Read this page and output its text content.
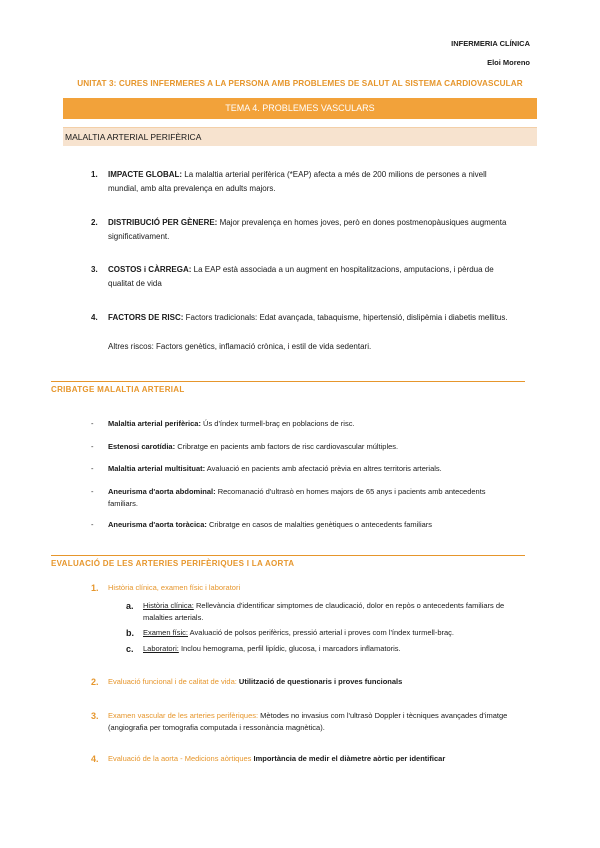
INFERMERIA CLÍNICA
Eloi Moreno
UNITAT 3: CURES INFERMERES A LA PERSONA AMB PROBLEMES DE SALUT AL SISTEMA CARDIOVASCULAR
TEMA 4. PROBLEMES VASCULARS
MALALTIA ARTERIAL PERIFÈRICA
1. IMPACTE GLOBAL: La malaltia arterial perifèrica (*EAP) afecta a més de 200 milions de persones a nivell mundial, amb alta prevalença en adults majors.
2. DISTRIBUCIÓ PER GÈNERE: Major prevalença en homes joves, però en dones postmenopàusiques augmenta significativament.
3. COSTOS i CÀRREGA: La EAP està associada a un augment en hospitalitzacions, amputacions, i pèrdua de qualitat de vida
4. FACTORS DE RISC: Factors tradicionals: Edat avançada, tabaquisme, hipertensió, dislipèmia i diabetis mellitus.
Altres riscos: Factors genètics, inflamació crònica, i estil de vida sedentari.
CRIBATGE MALALTIA ARTERIAL
- Malaltia arterial perifèrica: Ús d'índex turmell-braç en poblacions de risc.
- Estenosi carotídia: Cribratge en pacients amb factors de risc cardiovascular múltiples.
- Malaltia arterial multisituat: Avaluació en pacients amb afectació prèvia en altres territoris arterials.
- Aneurisma d'aorta abdominal: Recomanació d'ultrasò en homes majors de 65 anys i pacients amb antecedents familiars.
- Aneurisma d'aorta toràcica: Cribratge en casos de malalties genètiques o antecedents familiars
EVALUACIÓ DE LES ARTERIES PERIFÈRIQUES I LA AORTA
1. Història clínica, examen físic i laboratori
a. Història clínica: Rellevància d'identificar simptomes de claudicació, dolor en repòs o antecedents familiars de malalties arterials.
b. Examen físic: Avaluació de polsos perifèrics, pressió arterial i proves com l'índex turmell-braç.
c. Laboratori: Inclou hemograma, perfil lipídic, glucosa, i marcadors inflamatoris.
2. Evaluació funcional i de calitat de vida: Utilització de questionaris i proves funcionals
3. Examen vascular de les arteries perifèriques: Mètodes no invasius com l'ultrasò Doppler i tècniques avançades d'imatge (angiografia per tomografia computada i ressonància magnètica).
4. Evaluació de la aorta - Medicions aòrtiques Importància de medir el diàmetre aòrtic per identificar
